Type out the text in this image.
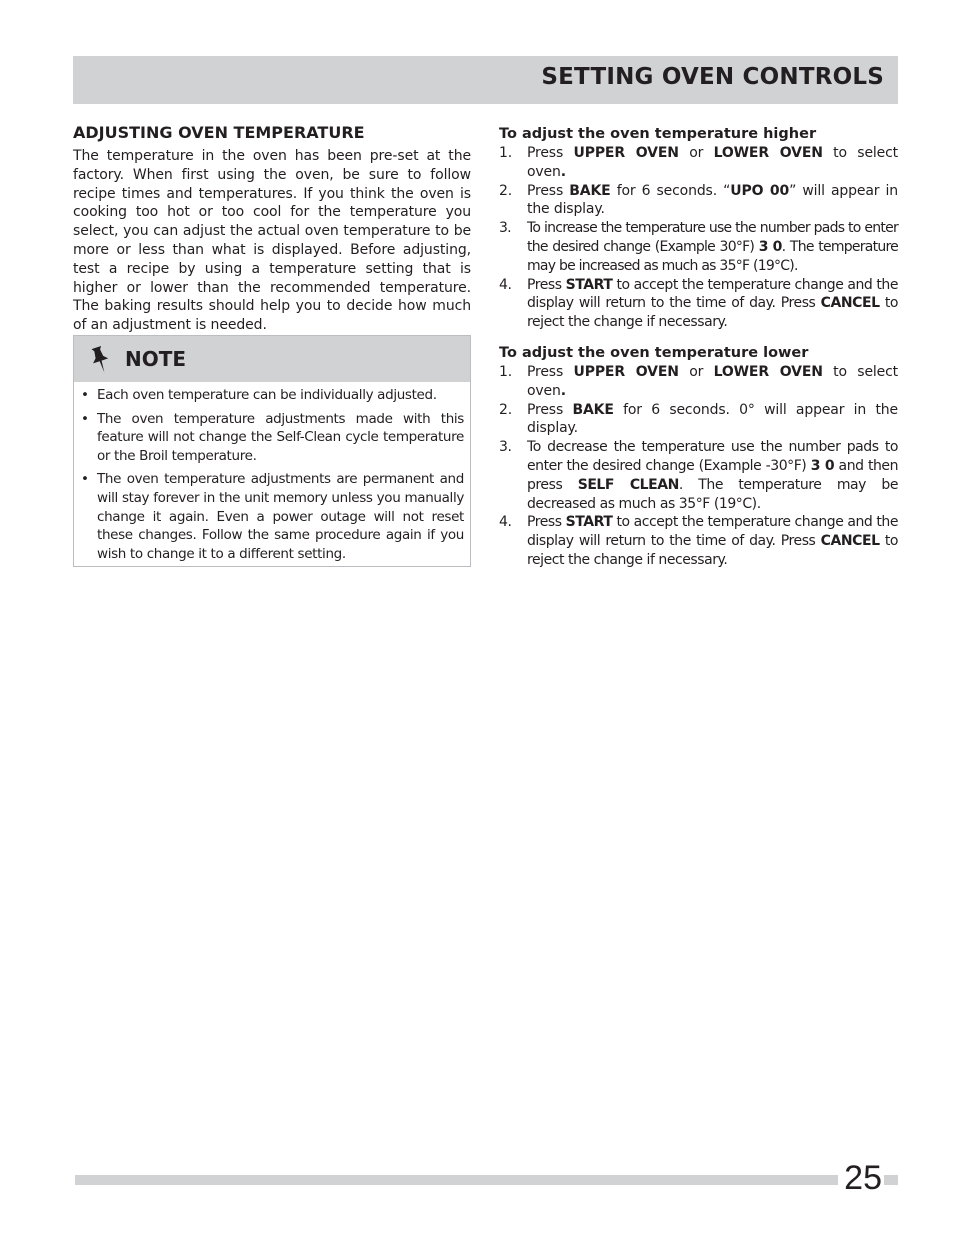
SETTING OVEN CONTROLS
ADJUSTING OVEN TEMPERATURE

The temperature in the oven has been pre-set at the factory. When first using the oven, be sure to follow recipe times and temperatures. If you think the oven is cooking too hot or too cool for the temperature you select, you can adjust the actual oven temperature to be more or less than what is displayed. Before adjusting, test a recipe by using a temperature setting that is higher or lower than the recommended temperature. The baking results should help you to decide how much of an adjustment is needed.

NOTE
• Each oven temperature can be individually adjusted.
• The oven temperature adjustments made with this feature will not change the Self-Clean cycle temperature or the Broil temperature.
• The oven temperature adjustments are permanent and will stay forever in the unit memory unless you manually change it again. Even a power outage will not reset these changes. Follow the same procedure again if you wish to change it to a different setting.
To adjust the oven temperature higher
1. Press UPPER OVEN or LOWER OVEN to select oven.
2. Press BAKE for 6 seconds. “UPO 00” will appear in the display.
3. To increase the temperature use the number pads to enter the desired change (Example 30°F) 3 0. The temperature may be increased as much as 35°F (19°C).
4. Press START to accept the temperature change and the display will return to the time of day. Press CANCEL to reject the change if necessary.
To adjust the oven temperature lower
1. Press UPPER OVEN or LOWER OVEN to select oven.
2. Press BAKE for 6 seconds. 0° will appear in the display.
3. To decrease the temperature use the number pads to enter the desired change (Example -30°F) 3 0 and then press SELF CLEAN. The temperature may be decreased as much as 35°F (19°C).
4. Press START to accept the temperature change and the display will return to the time of day. Press CANCEL to reject the change if necessary.
25
